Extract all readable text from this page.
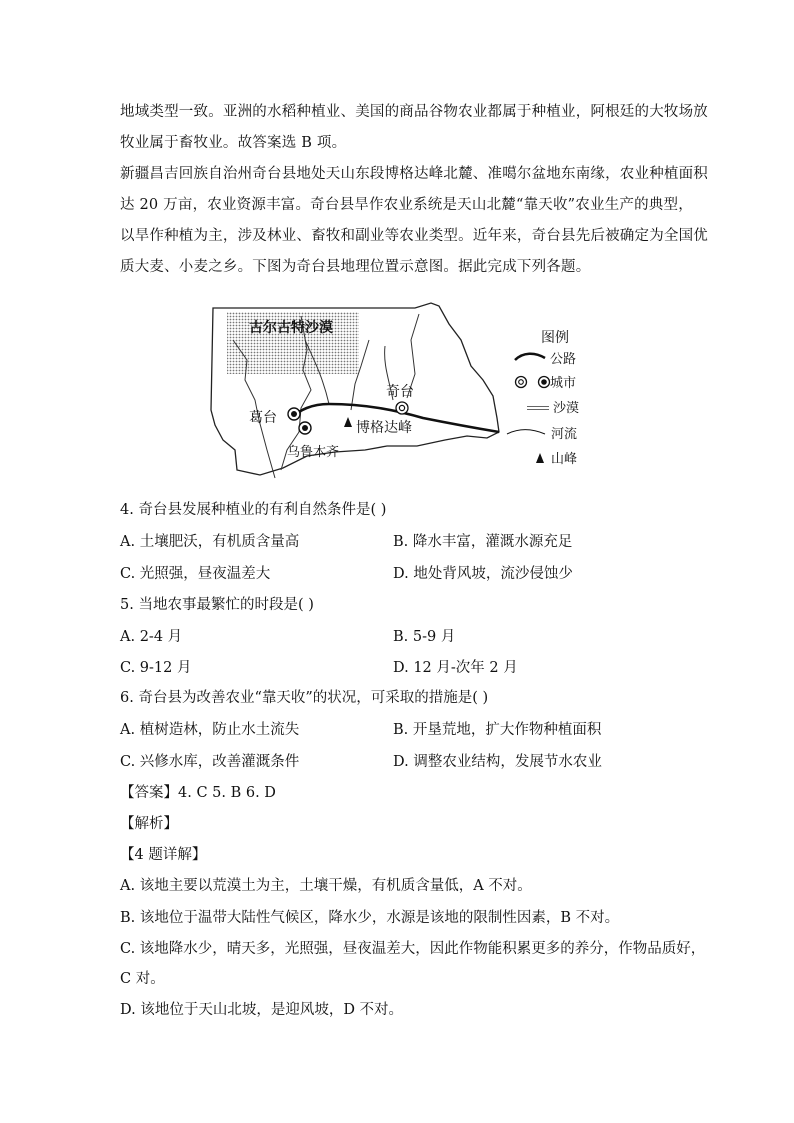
地域类型一致。亚洲的水稻种植业、美国的商品谷物农业都属于种植业，阿根廷的大牧场放

牧业属于畜牧业。故答案选 B 项。

新疆昌吉回族自治州奇台县地处天山东段博格达峰北麓、准噶尔盆地东南缘，农业种植面积

达 20 万亩，农业资源丰富。奇台县旱作农业系统是天山北麓“靠天收”农业生产的典型，

以旱作种植为主，涉及林业、畜牧和副业等农业类型。近年来，奇台县先后被确定为全国优

质大麦、小麦之乡。下图为奇台县地理位置示意图。据此完成下列各题。

古尔古特沙漠
奇台
葛台
乌鲁木齐
博格达峰
图例
公路
城市
沙漠
河流
山峰
4. 奇台县发展种植业的有利自然条件是( )
A. 土壤肥沃，有机质含量高	B. 降水丰富，灌溉水源充足
C. 光照强，昼夜温差大	D. 地处背风坡，流沙侵蚀少
5. 当地农事最繁忙的时段是( )
A. 2-4 月	B. 5-9 月
C. 9-12 月	D. 12 月-次年 2 月
6. 奇台县为改善农业“靠天收”的状况，可采取的措施是( )
A. 植树造林，防止水土流失	B. 开垦荒地，扩大作物种植面积
C. 兴修水库，改善灌溉条件	D. 调整农业结构，发展节水农业
【答案】4. C 5. B 6. D
【解析】
【4 题详解】
A. 该地主要以荒漠土为主，土壤干燥，有机质含量低，A 不对。
B. 该地位于温带大陆性气候区，降水少，水源是该地的限制性因素，B 不对。
C. 该地降水少，晴天多，光照强，昼夜温差大，因此作物能积累更多的养分，作物品质好，
C 对。
D. 该地位于天山北坡，是迎风坡，D 不对。
